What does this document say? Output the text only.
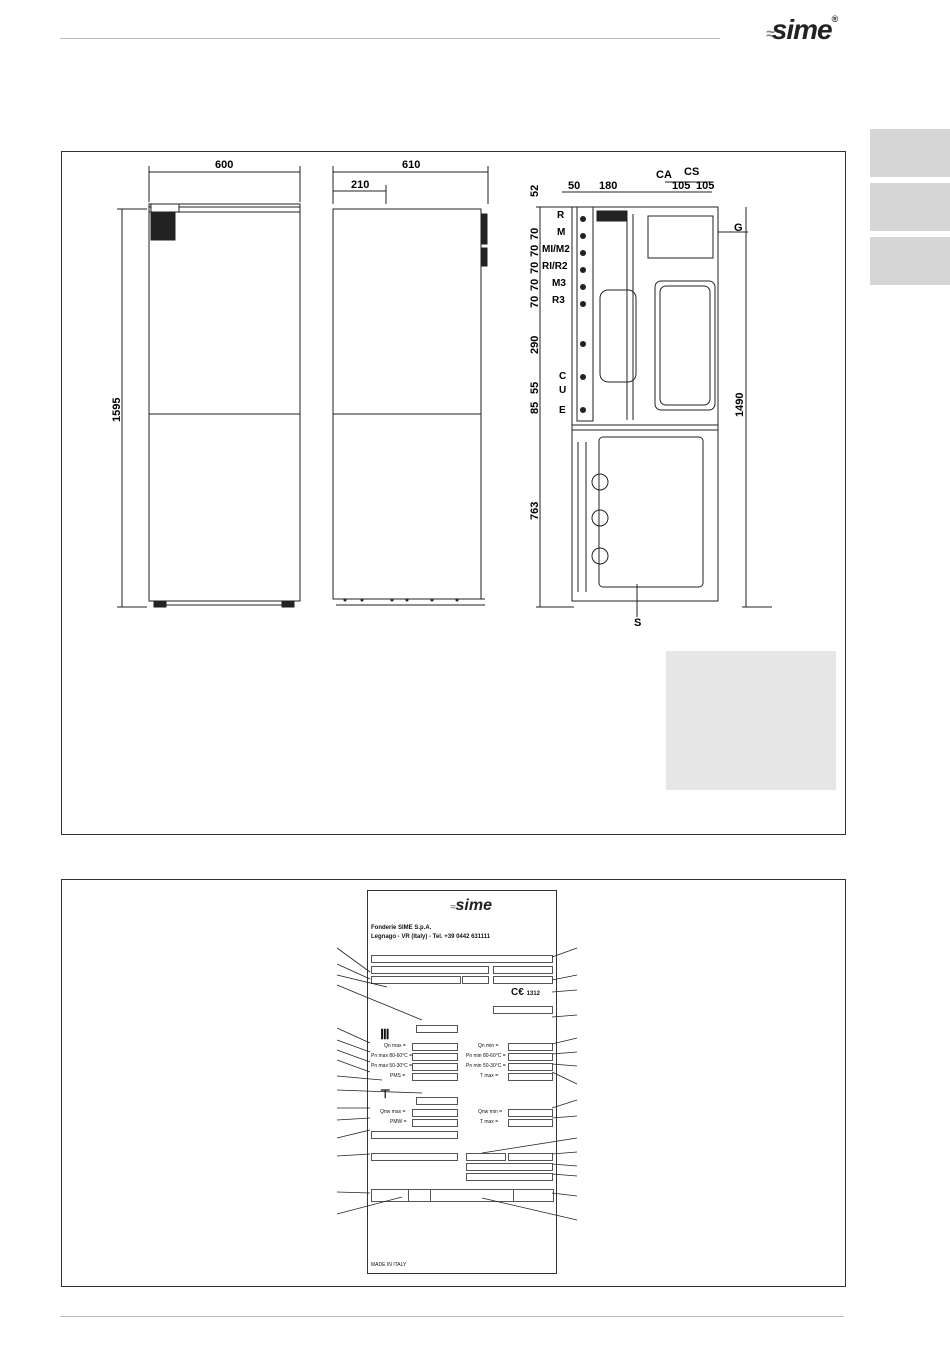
≈sime®
600	610
210
1595	1490
763
50 180
CA CS
105 105
52
70
70
70
70
70
290
55
85
R
M
MI/M2
RI/R2
M3
R3
C
U
E
G
S
≈sime
Fonderie SIME S.p.A.
Legnago - VR (Italy) - Tel. +39 0442 631111
C€ 1312
Ⅲ
Qn max =
Pn max 80-60°C =
Pn max 50-30°C =
PMS =
Qn min =
Pn min 80-60°C =
Pn min 50-30°C =
T max =
⊤
Qnw max =
PMW =
Qnw min =
T max =
MADE IN ITALY
